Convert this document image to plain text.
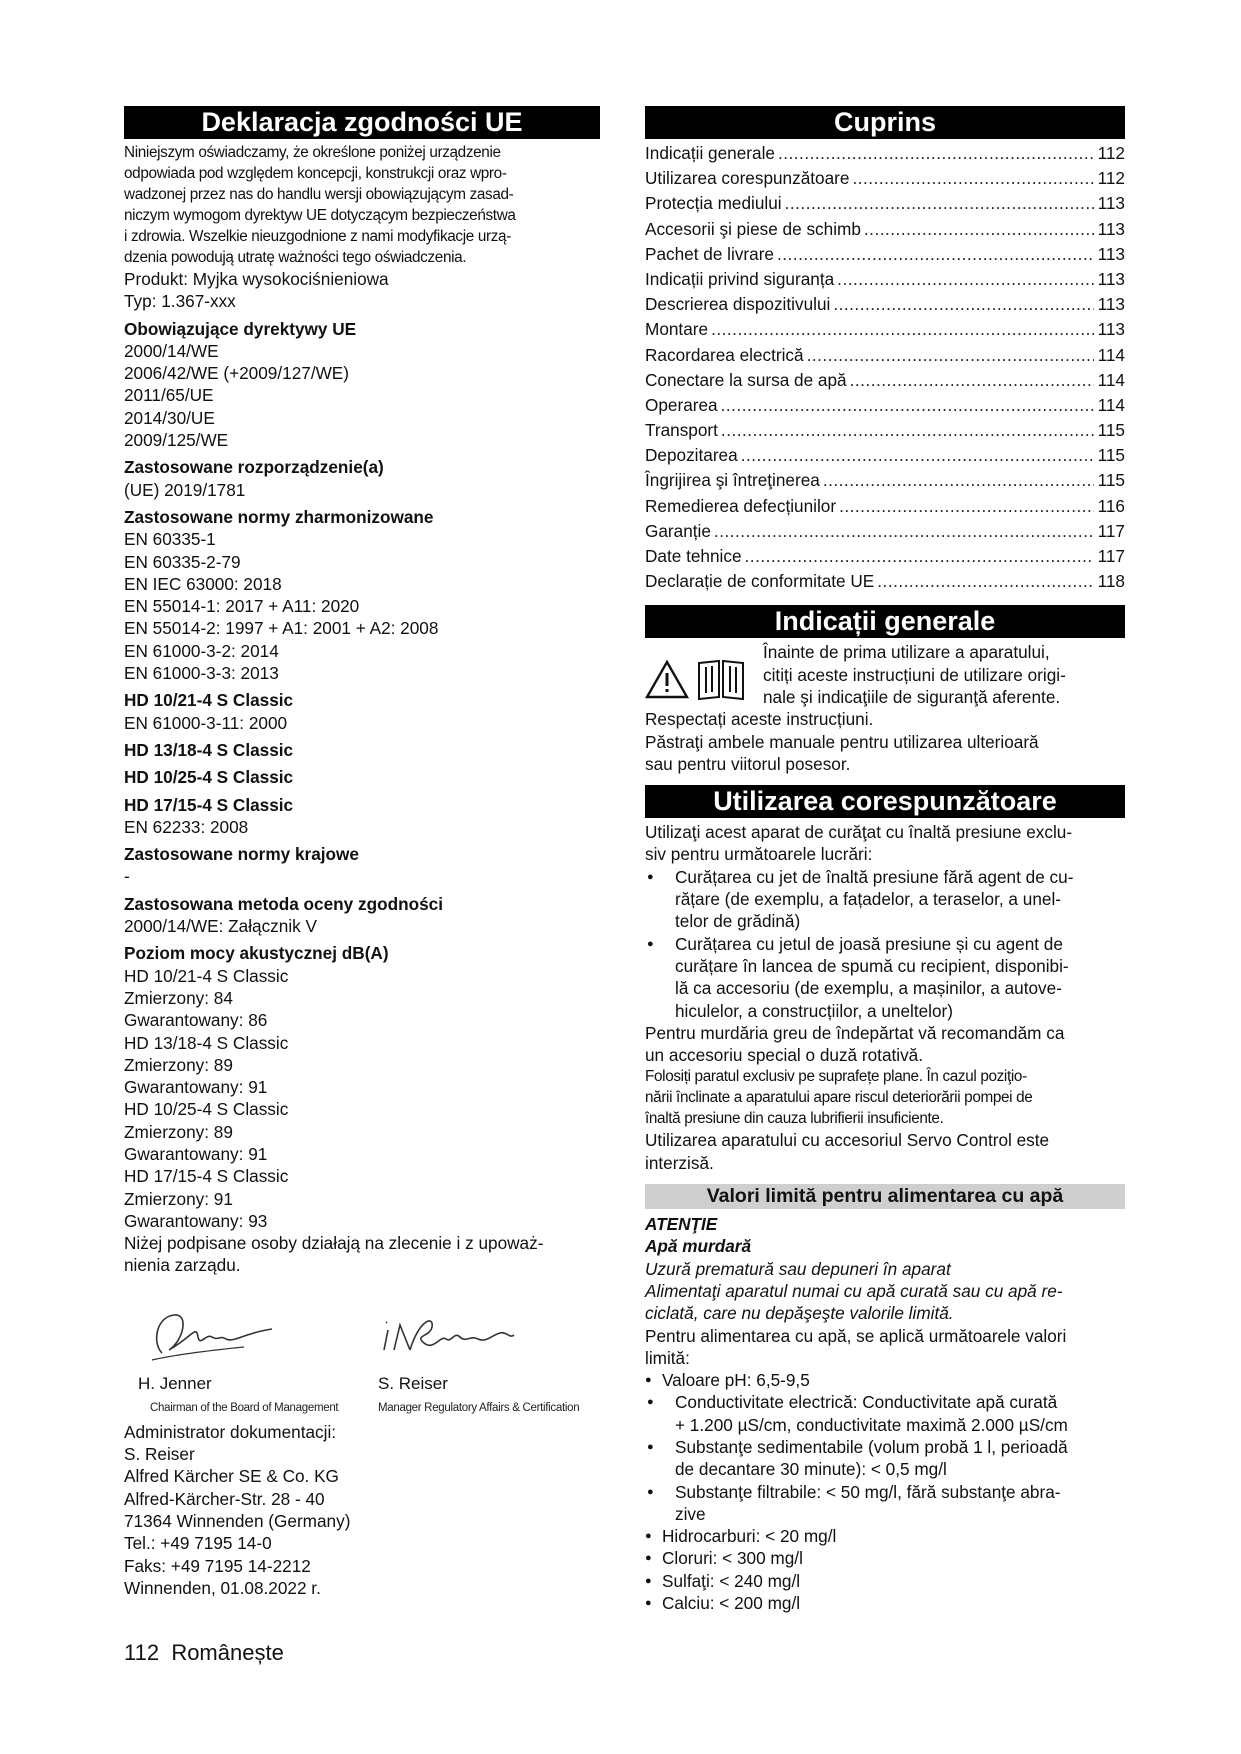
Deklaracja zgodności UE
Niniejszym oświadczamy, że określone poniżej urządzenie
odpowiada pod względem koncepcji, konstrukcji oraz wpro-
wadzonej przez nas do handlu wersji obowiązującym zasad-
niczym wymogom dyrektyw UE dotyczącym bezpieczeństwa
i zdrowia. Wszelkie nieuzgodnione z nami modyfikacje urzą-
dzenia powodują utratę ważności tego oświadczenia.
Produkt: Myjka wysokociśnieniowa
Typ: 1.367-xxx
Obowiązujące dyrektywy UE
2000/14/WE
2006/42/WE (+2009/127/WE)
2011/65/UE
2014/30/UE
2009/125/WE
Zastosowane rozporządzenie(a)
(UE) 2019/1781
Zastosowane normy zharmonizowane
EN 60335-1
EN 60335-2-79
EN IEC 63000: 2018
EN 55014-1: 2017 + A11: 2020
EN 55014-2: 1997 + A1: 2001 + A2: 2008
EN 61000-3-2: 2014
EN 61000-3-3: 2013
HD 10/21-4 S Classic
EN 61000-3-11: 2000
HD 13/18-4 S Classic
HD 10/25-4 S Classic
HD 17/15-4 S Classic
EN 62233: 2008
Zastosowane normy krajowe
-
Zastosowana metoda oceny zgodności
2000/14/WE: Załącznik V
Poziom mocy akustycznej dB(A)
HD 10/21-4 S Classic
Zmierzony: 84
Gwarantowany: 86
HD 13/18-4 S Classic
Zmierzony: 89
Gwarantowany: 91
HD 10/25-4 S Classic
Zmierzony: 89
Gwarantowany: 91
HD 17/15-4 S Classic
Zmierzony: 91
Gwarantowany: 93
Niżej podpisane osoby działają na zlecenie i z upoważ-
nienia zarządu.
H. Jenner
Chairman of the Board of Management
S. Reiser
Manager Regulatory Affairs & Certification
Administrator dokumentacji:
S. Reiser
Alfred Kärcher SE & Co. KG
Alfred-Kärcher-Str. 28 - 40
71364 Winnenden (Germany)
Tel.: +49 7195 14-0
Faks: +49 7195 14-2212
Winnenden, 01.08.2022 r.
Cuprins
Indicații generale .....	112
Utilizarea corespunzătoare .....	112
Protecția mediului .....	113
Accesorii şi piese de schimb .....	113
Pachet de livrare .....	113
Indicații privind siguranța .....	113
Descrierea dispozitivului .....	113
Montare .....	113
Racordarea electrică .....	114
Conectare la sursa de apă .....	114
Operarea .....	114
Transport .....	115
Depozitarea .....	115
Îngrijirea şi întreţinerea .....	115
Remedierea defecțiunilor .....	116
Garanție .....	117
Date tehnice .....	117
Declarație de conformitate UE .....	118
Indicații generale
Înainte de prima utilizare a aparatului,
citiți aceste instrucțiuni de utilizare origi-
nale şi indicaţiile de siguranţă aferente.
Respectați aceste instrucțiuni.
Păstraţi ambele manuale pentru utilizarea ulterioară
sau pentru viitorul posesor.
Utilizarea corespunzătoare
Utilizaţi acest aparat de curăţat cu înaltă presiune exclu-
siv pentru următoarele lucrări:
● Curățarea cu jet de înaltă presiune fără agent de cu-
rățare (de exemplu, a fațadelor, a teraselor, a unel-
telor de grădină)
● Curățarea cu jetul de joasă presiune și cu agent de
curățare în lancea de spumă cu recipient, disponibi-
lă ca accesoriu (de exemplu, a mașinilor, a autove-
hiculelor, a construcțiilor, a uneltelor)
Pentru murdăria greu de îndepărtat vă recomandăm ca
un accesoriu special o duză rotativă.
Folosiți paratul exclusiv pe suprafețe plane. În cazul poziţio-
nării înclinate a aparatului apare riscul deteriorării pompei de
înaltă presiune din cauza lubrifierii insuficiente.
Utilizarea aparatului cu accesoriul Servo Control este
interzisă.
Valori limită pentru alimentarea cu apă
ATENŢIE
Apă murdară
Uzură prematură sau depuneri în aparat
Alimentaţi aparatul numai cu apă curată sau cu apă re-
ciclată, care nu depăşeşte valorile limită.
Pentru alimentarea cu apă, se aplică următoarele valori
limită:
● Valoare pH: 6,5-9,5
● Conductivitate electrică: Conductivitate apă curată
+ 1.200 µS/cm, conductivitate maximă 2.000 µS/cm
● Substanţe sedimentabile (volum probă 1 l, perioadă
de decantare 30 minute): < 0,5 mg/l
● Substanţe filtrabile: < 50 mg/l, fără substanţe abra-
zive
● Hidrocarburi: < 20 mg/l
● Cloruri: < 300 mg/l
● Sulfaţi: < 240 mg/l
● Calciu: < 200 mg/l
112 Românește
